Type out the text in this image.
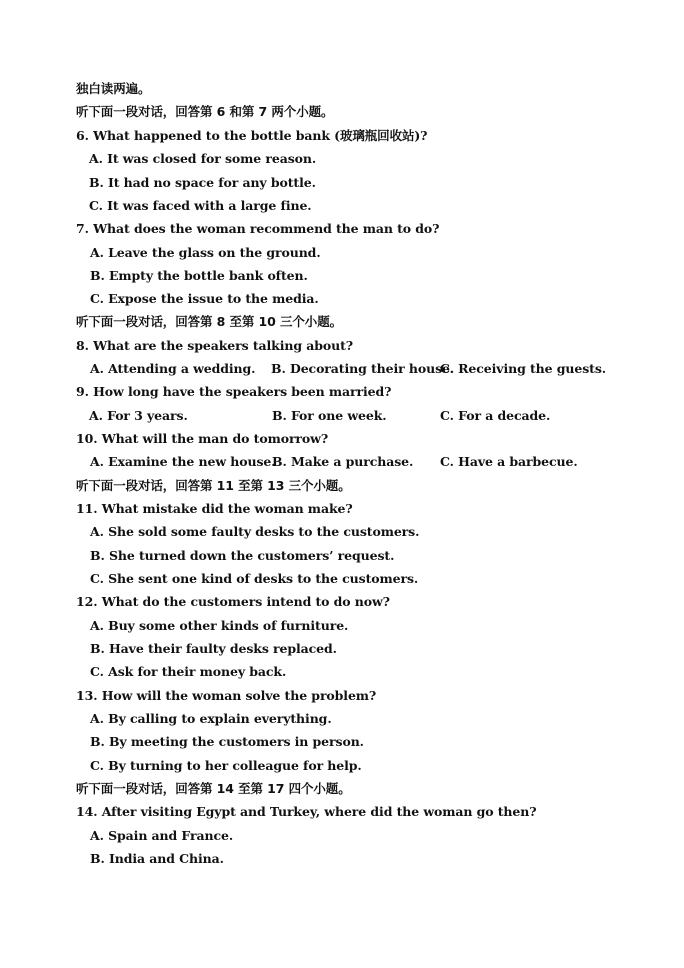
独白读两遍。
听下面一段对话，回答第 6 和第 7 两个小题。
6. What happened to the bottle bank (玻璃瓶回收站)?
A. It was closed for some reason.
B. It had no space for any bottle.
C. It was faced with a large fine.
7. What does the woman recommend the man to do?
A. Leave the glass on the ground.
B. Empty the bottle bank often.
C. Expose the issue to the media.
听下面一段对话，回答第 8 至第 10 三个小题。
8. What are the speakers talking about?
A. Attending a wedding. B. Decorating their house.
C. Receiving the guests.
9. How long have the speakers been married?
A. For 3 years.	B. For one week.	C. For a decade.
10. What will the man do tomorrow?
A. Examine the new house.
B. Make a purchase. C. Have a barbecue.
听下面一段对话，回答第 11 至第 13 三个小题。
11. What mistake did the woman make?
A. She sold some faulty desks to the customers.
B. She turned down the customers’ request.
C. She sent one kind of desks to the customers.
12. What do the customers intend to do now?
A. Buy some other kinds of furniture.
B. Have their faulty desks replaced.
C. Ask for their money back.
13. How will the woman solve the problem?
A. By calling to explain everything.
B. By meeting the customers in person.
C. By turning to her colleague for help.
听下面一段对话，回答第 14 至第 17 四个小题。
14. After visiting Egypt and Turkey, where did the woman go then?
A. Spain and France.
B. India and China.
